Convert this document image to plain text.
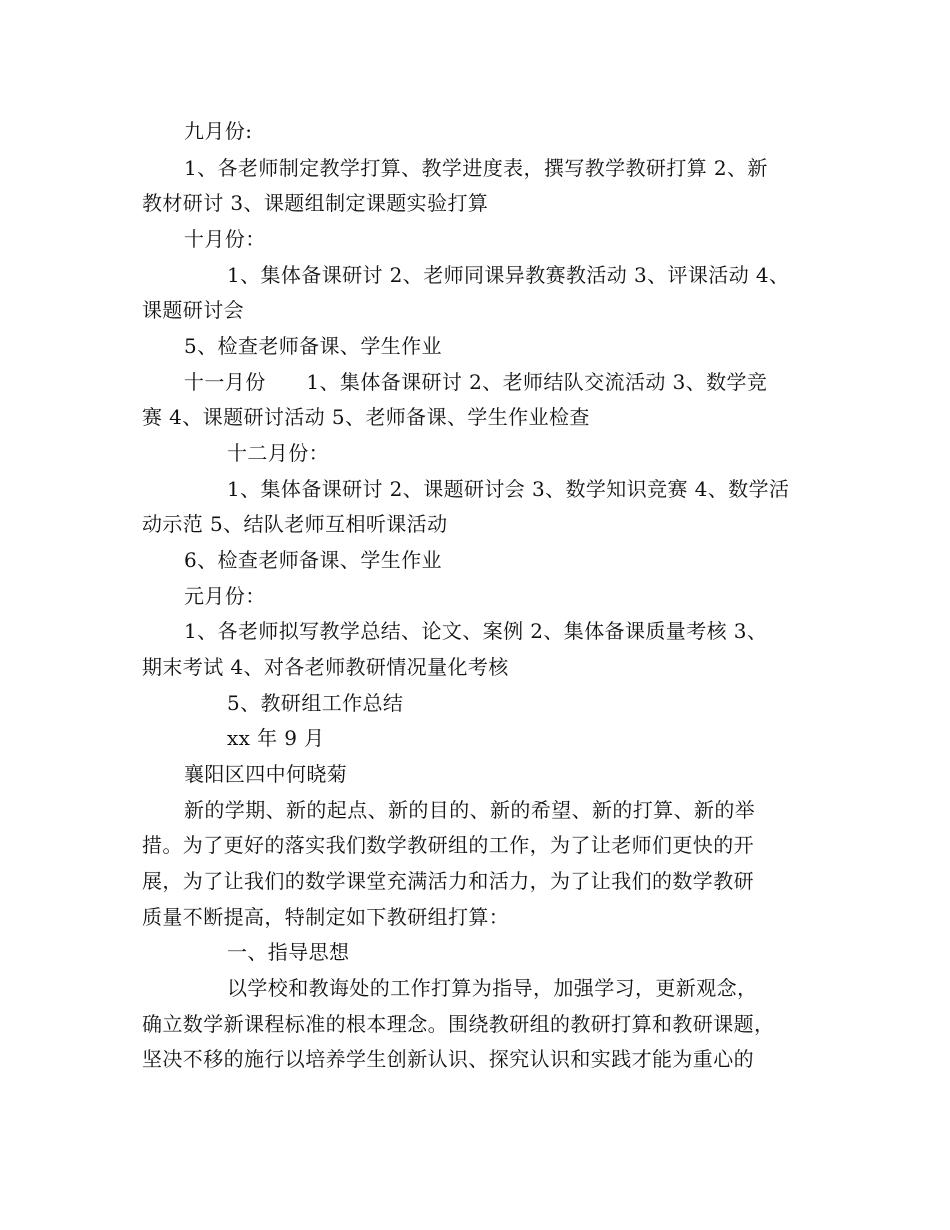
九月份:
1、各老师制定教学打算、教学进度表，撰写教学教研打算 2、新
教材研讨 3、课题组制定课题实验打算
十月份：
1、集体备课研讨 2、老师同课异教赛教活动 3、评课活动 4、
课题研讨会
5、检查老师备课、学生作业
十一月份　　1、集体备课研讨 2、老师结队交流活动 3、数学竞
赛 4、课题研讨活动 5、老师备课、学生作业检查
十二月份：
1、集体备课研讨 2、课题研讨会 3、数学知识竞赛 4、数学活
动示范 5、结队老师互相听课活动
6、检查老师备课、学生作业
元月份：
1、各老师拟写教学总结、论文、案例 2、集体备课质量考核 3、
期末考试 4、对各老师教研情况量化考核
5、教研组工作总结
xx 年 9 月
襄阳区四中何晓菊
新的学期、新的起点、新的目的、新的希望、新的打算、新的举
措。为了更好的落实我们数学教研组的工作，为了让老师们更快的开
展，为了让我们的数学课堂充满活力和活力，为了让我们的数学教研
质量不断提高，特制定如下教研组打算：
一、指导思想
以学校和教诲处的工作打算为指导，加强学习，更新观念，
确立数学新课程标准的根本理念。围绕教研组的教研打算和教研课题，
坚决不移的施行以培养学生创新认识、探究认识和实践才能为重心的
